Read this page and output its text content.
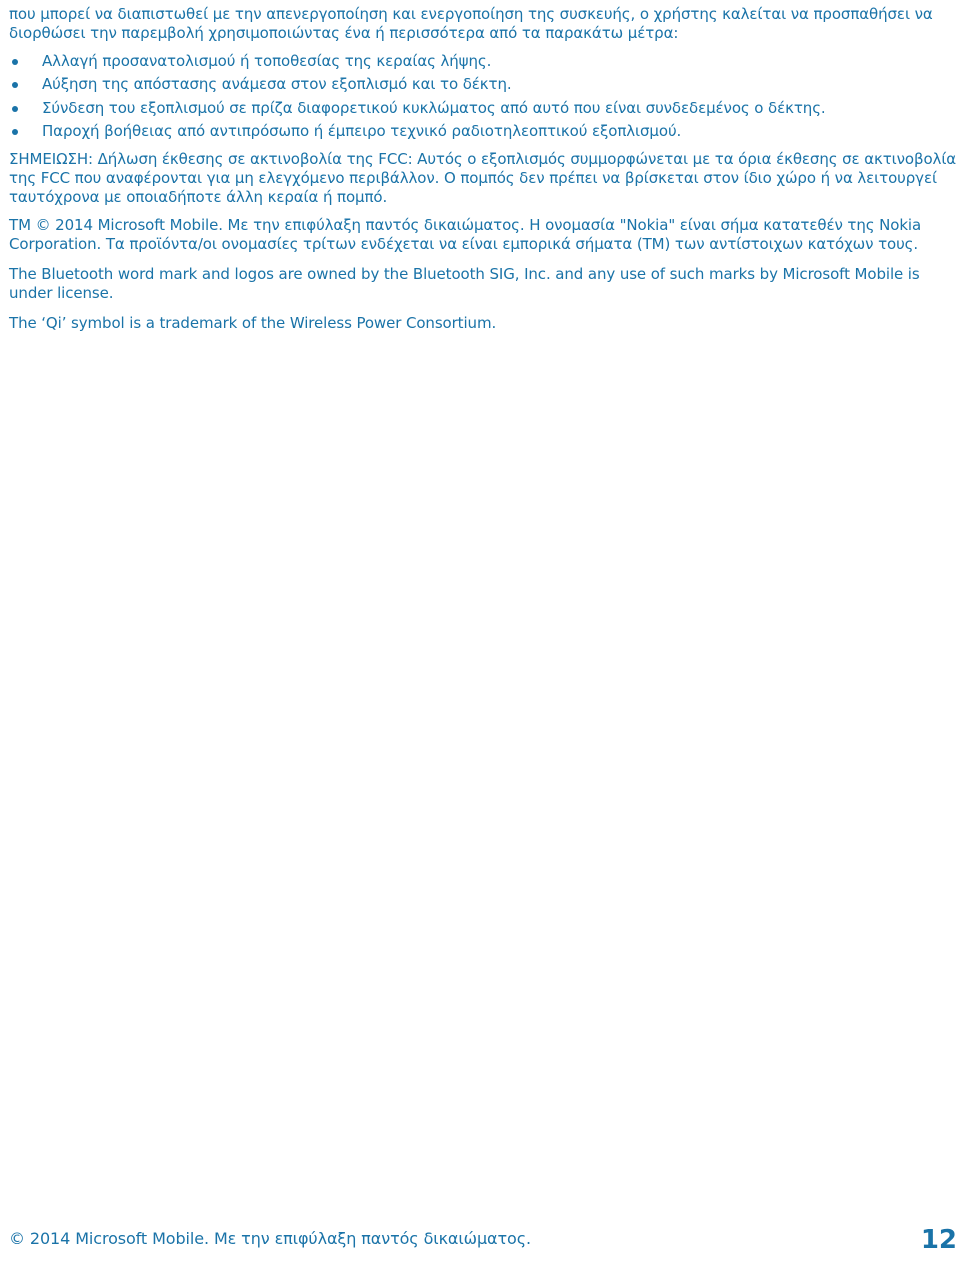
που μπορεί να διαπιστωθεί με την απενεργοποίηση και ενεργοποίηση της συσκευής, ο χρήστης καλείται να προσπαθήσει να διορθώσει την παρεμβολή χρησιμοποιώντας ένα ή περισσότερα από τα παρακάτω μέτρα:

Αλλαγή προσανατολισμού ή τοποθεσίας της κεραίας λήψης.
Αύξηση της απόστασης ανάμεσα στον εξοπλισμό και το δέκτη.
Σύνδεση του εξοπλισμού σε πρίζα διαφορετικού κυκλώματος από αυτό που είναι συνδεδεμένος ο δέκτης.
Παροχή βοήθειας από αντιπρόσωπο ή έμπειρο τεχνικό ραδιοτηλεοπτικού εξοπλισμού.

ΣΗΜΕΙΩΣΗ: Δήλωση έκθεσης σε ακτινοβολία της FCC: Αυτός ο εξοπλισμός συμμορφώνεται με τα όρια έκθεσης σε ακτινοβολία της FCC που αναφέρονται για μη ελεγχόμενο περιβάλλον. Ο πομπός δεν πρέπει να βρίσκεται στον ίδιο χώρο ή να λειτουργεί ταυτόχρονα με οποιαδήποτε άλλη κεραία ή πομπό.

TM © 2014 Microsoft Mobile. Με την επιφύλαξη παντός δικαιώματος. Η ονομασία "Nokia" είναι σήμα κατατεθέν της Nokia Corporation. Τα προϊόντα/οι ονομασίες τρίτων ενδέχεται να είναι εμπορικά σήματα (TM) των αντίστοιχων κατόχων τους.

The Bluetooth word mark and logos are owned by the Bluetooth SIG, Inc. and any use of such marks by Microsoft Mobile is under license.

The ‘Qi’ symbol is a trademark of the Wireless Power Consortium.

© 2014 Microsoft Mobile. Με την επιφύλαξη παντός δικαιώματος.	12
